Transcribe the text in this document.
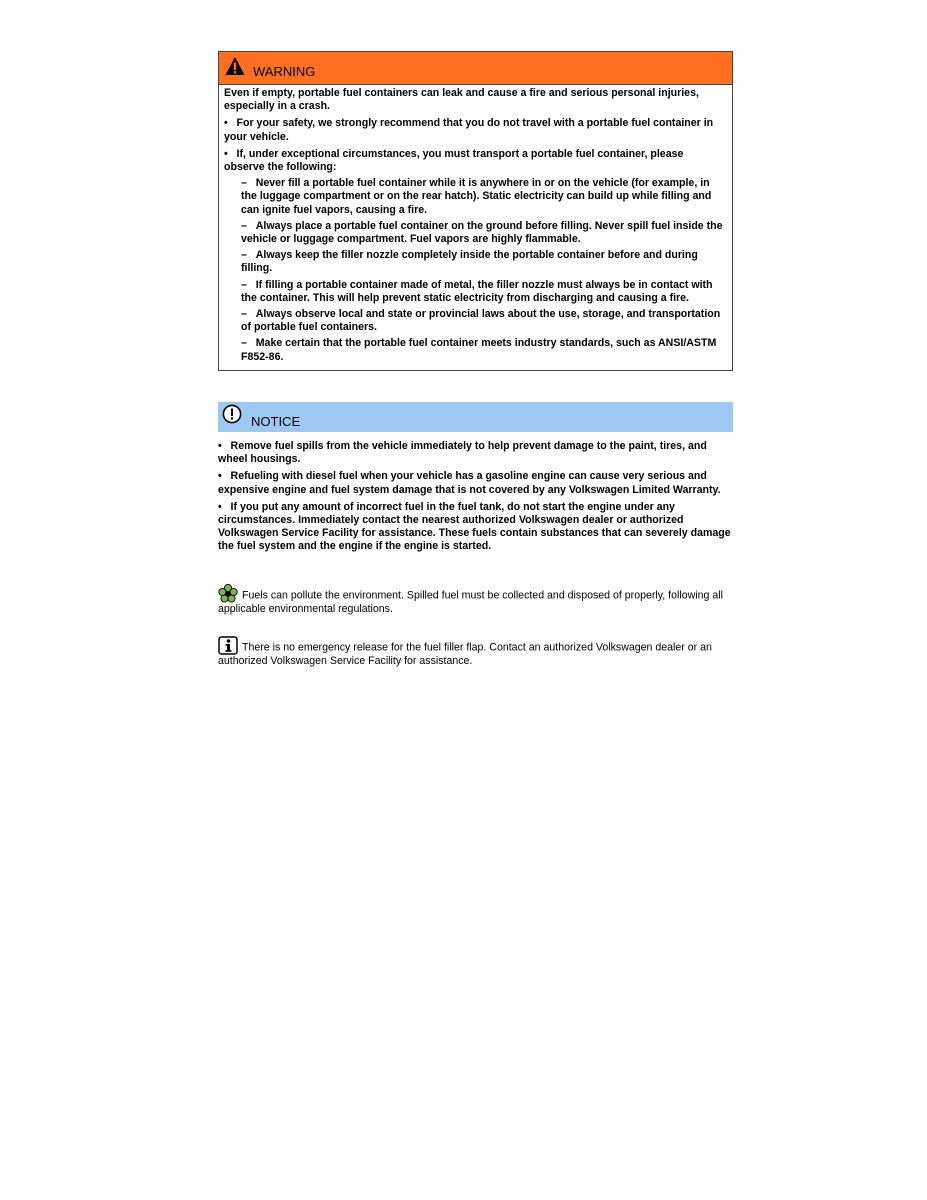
WARNING

Even if empty, portable fuel containers can leak and cause a fire and serious personal injuries, especially in a crash.

•   For your safety, we strongly recommend that you do not travel with a portable fuel container in your vehicle.

•   If, under exceptional circumstances, you must transport a portable fuel container, please observe the following:

–   Never fill a portable fuel container while it is anywhere in or on the vehicle (for example, in the luggage compartment or on the rear hatch). Static electricity can build up while filling and can ignite fuel vapors, causing a fire.

–   Always place a portable fuel container on the ground before filling. Never spill fuel inside the vehicle or luggage compartment. Fuel vapors are highly flammable.

–   Always keep the filler nozzle completely inside the portable container before and during filling.

–   If filling a portable container made of metal, the filler nozzle must always be in contact with the container. This will help prevent static electricity from discharging and causing a fire.

–   Always observe local and state or provincial laws about the use, storage, and transportation of portable fuel containers.

–   Make certain that the portable fuel container meets industry standards, such as ANSI/ASTM F852-86.

NOTICE

•   Remove fuel spills from the vehicle immediately to help prevent damage to the paint, tires, and wheel housings.

•   Refueling with diesel fuel when your vehicle has a gasoline engine can cause very serious and expensive engine and fuel system damage that is not covered by any Volkswagen Limited Warranty.

•   If you put any amount of incorrect fuel in the fuel tank, do not start the engine under any circumstances. Immediately contact the nearest authorized Volkswagen dealer or authorized Volkswagen Service Facility for assistance. These fuels contain substances that can severely damage the fuel system and the engine if the engine is started.

Fuels can pollute the environment. Spilled fuel must be collected and disposed of properly, following all applicable environmental regulations.
There is no emergency release for the fuel filler flap. Contact an authorized Volkswagen dealer or an authorized Volkswagen Service Facility for assistance.
